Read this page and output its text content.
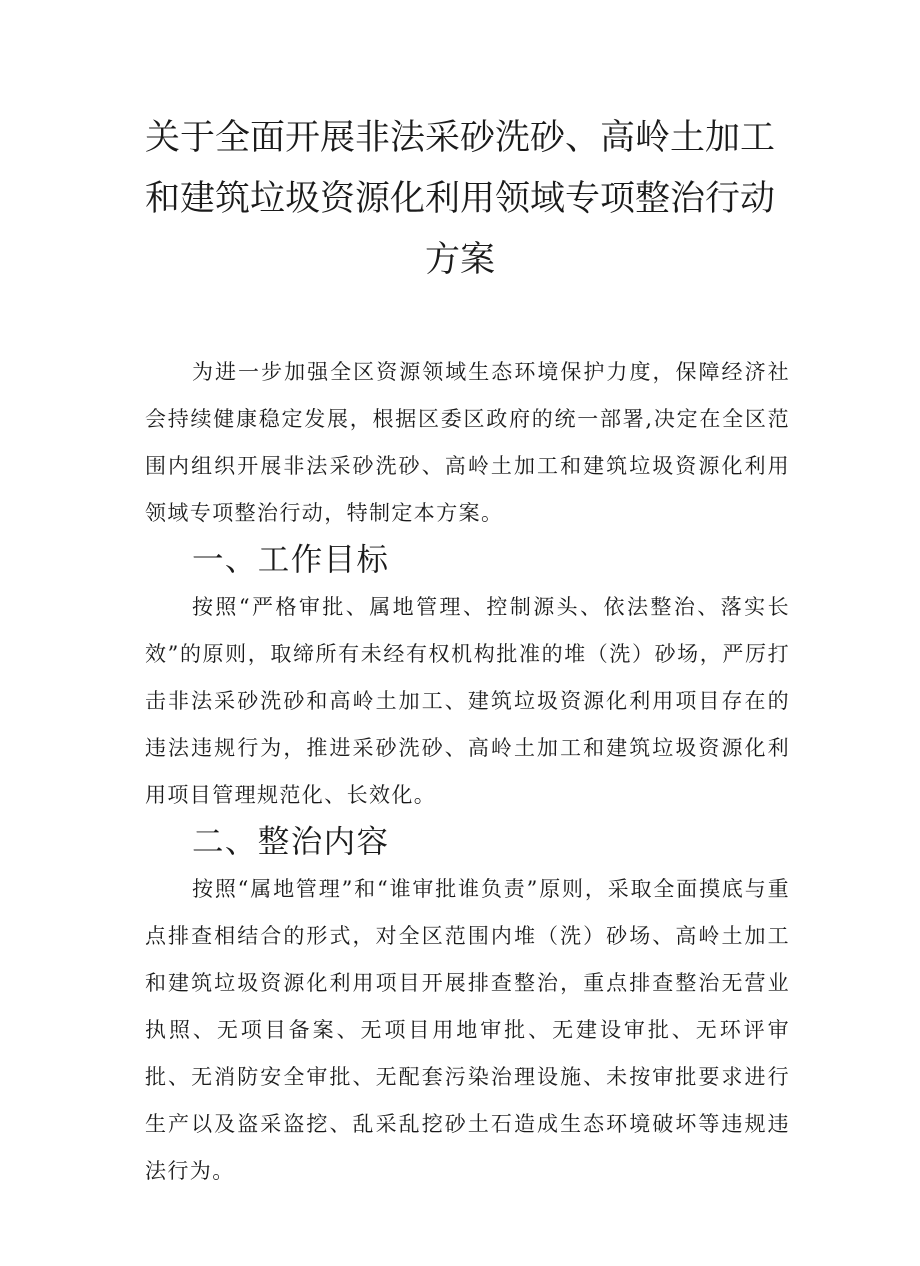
关于全面开展非法采砂洗砂、高岭土加工
和建筑垃圾资源化利用领域专项整治行动
方案

为进一步加强全区资源领域生态环境保护力度，保障经济社会持续健康稳定发展，根据区委区政府的统一部署,决定在全区范围内组织开展非法采砂洗砂、高岭土加工和建筑垃圾资源化利用领域专项整治行动，特制定本方案。

一、工作目标

按照“严格审批、属地管理、控制源头、依法整治、落实长效”的原则，取缔所有未经有权机构批准的堆（洗）砂场，严厉打击非法采砂洗砂和高岭土加工、建筑垃圾资源化利用项目存在的违法违规行为，推进采砂洗砂、高岭土加工和建筑垃圾资源化利用项目管理规范化、长效化。

二、整治内容

按照“属地管理”和“谁审批谁负责”原则，采取全面摸底与重点排查相结合的形式，对全区范围内堆（洗）砂场、高岭土加工和建筑垃圾资源化利用项目开展排查整治，重点排查整治无营业执照、无项目备案、无项目用地审批、无建设审批、无环评审批、无消防安全审批、无配套污染治理设施、未按审批要求进行生产以及盗采盗挖、乱采乱挖砂土石造成生态环境破坏等违规违法行为。
